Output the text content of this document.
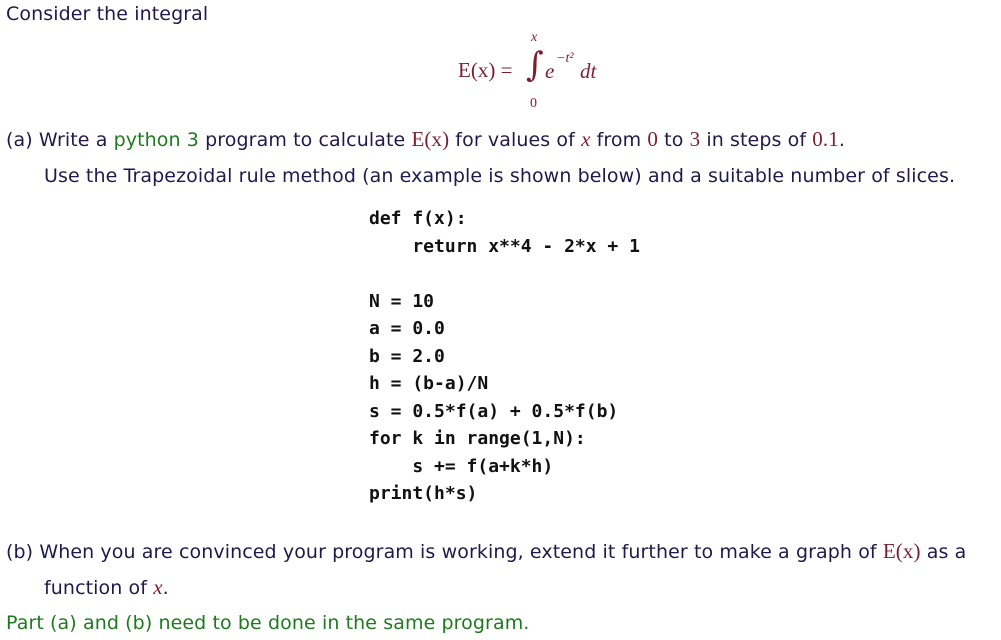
Consider the integral
E(x) = ∫
x
0
e
−t²
dt
(a) Write a python 3 program to calculate E(x) for values of x from 0 to 3 in steps of 0.1.
Use the Trapezoidal rule method (an example is shown below) and a suitable number of slices.
def f(x):
return x**4 - 2*x + 1
N = 10
a = 0.0
b = 2.0
h = (b-a)/N
s = 0.5*f(a) + 0.5*f(b)
for k in range(1,N):
s += f(a+k*h)
print(h*s)
(b) When you are convinced your program is working, extend it further to make a graph of E(x) as a
function of x.
Part (a) and (b) need to be done in the same program.
